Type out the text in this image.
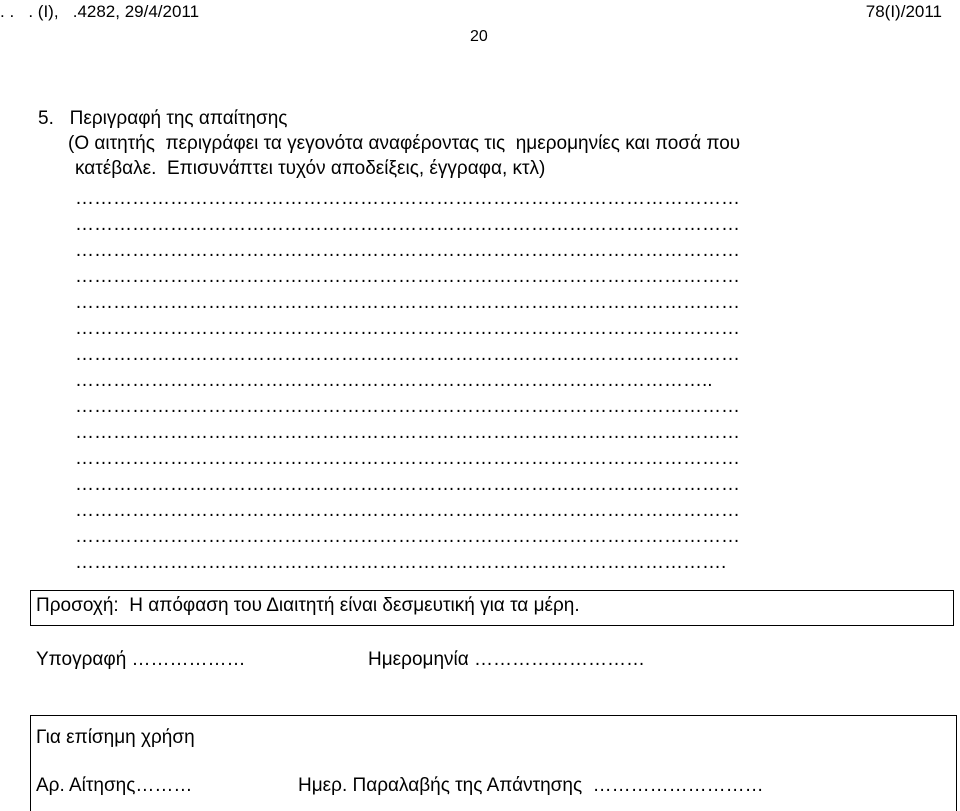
. .   . (Ι),   .4282, 29/4/2011	78(Ι)/2011
20
5.   Περιγραφή της απαίτησης
(Ο αιτητής  περιγράφει τα γεγονότα αναφέροντας τις  ημερομηνίες και ποσά που
κατέβαλε.  Επισυνάπτει τυχόν αποδείξεις, έγγραφα, κτλ)
……………………………………………………………………………………………
……………………………………………………………………………………………
……………………………………………………………………………………………
……………………………………………………………………………………………
……………………………………………………………………………………………
……………………………………………………………………………………………
……………………………………………………………………………………………
………………………………………………………………………………………..
……………………………………………………………………………………………
……………………………………………………………………………………………
……………………………………………………………………………………………
……………………………………………………………………………………………
……………………………………………………………………………………………
……………………………………………………………………………………………
………………………………………………………………………………………….
Προσοχή:  Η απόφαση του Διαιτητή είναι δεσμευτική για τα μέρη.
Υπογραφή ………………	Ημερομηνία ………………………
Για επίσημη χρήση
Αρ. Αίτησης………	Ημερ. Παραλαβής της Απάντησης  ………………………
